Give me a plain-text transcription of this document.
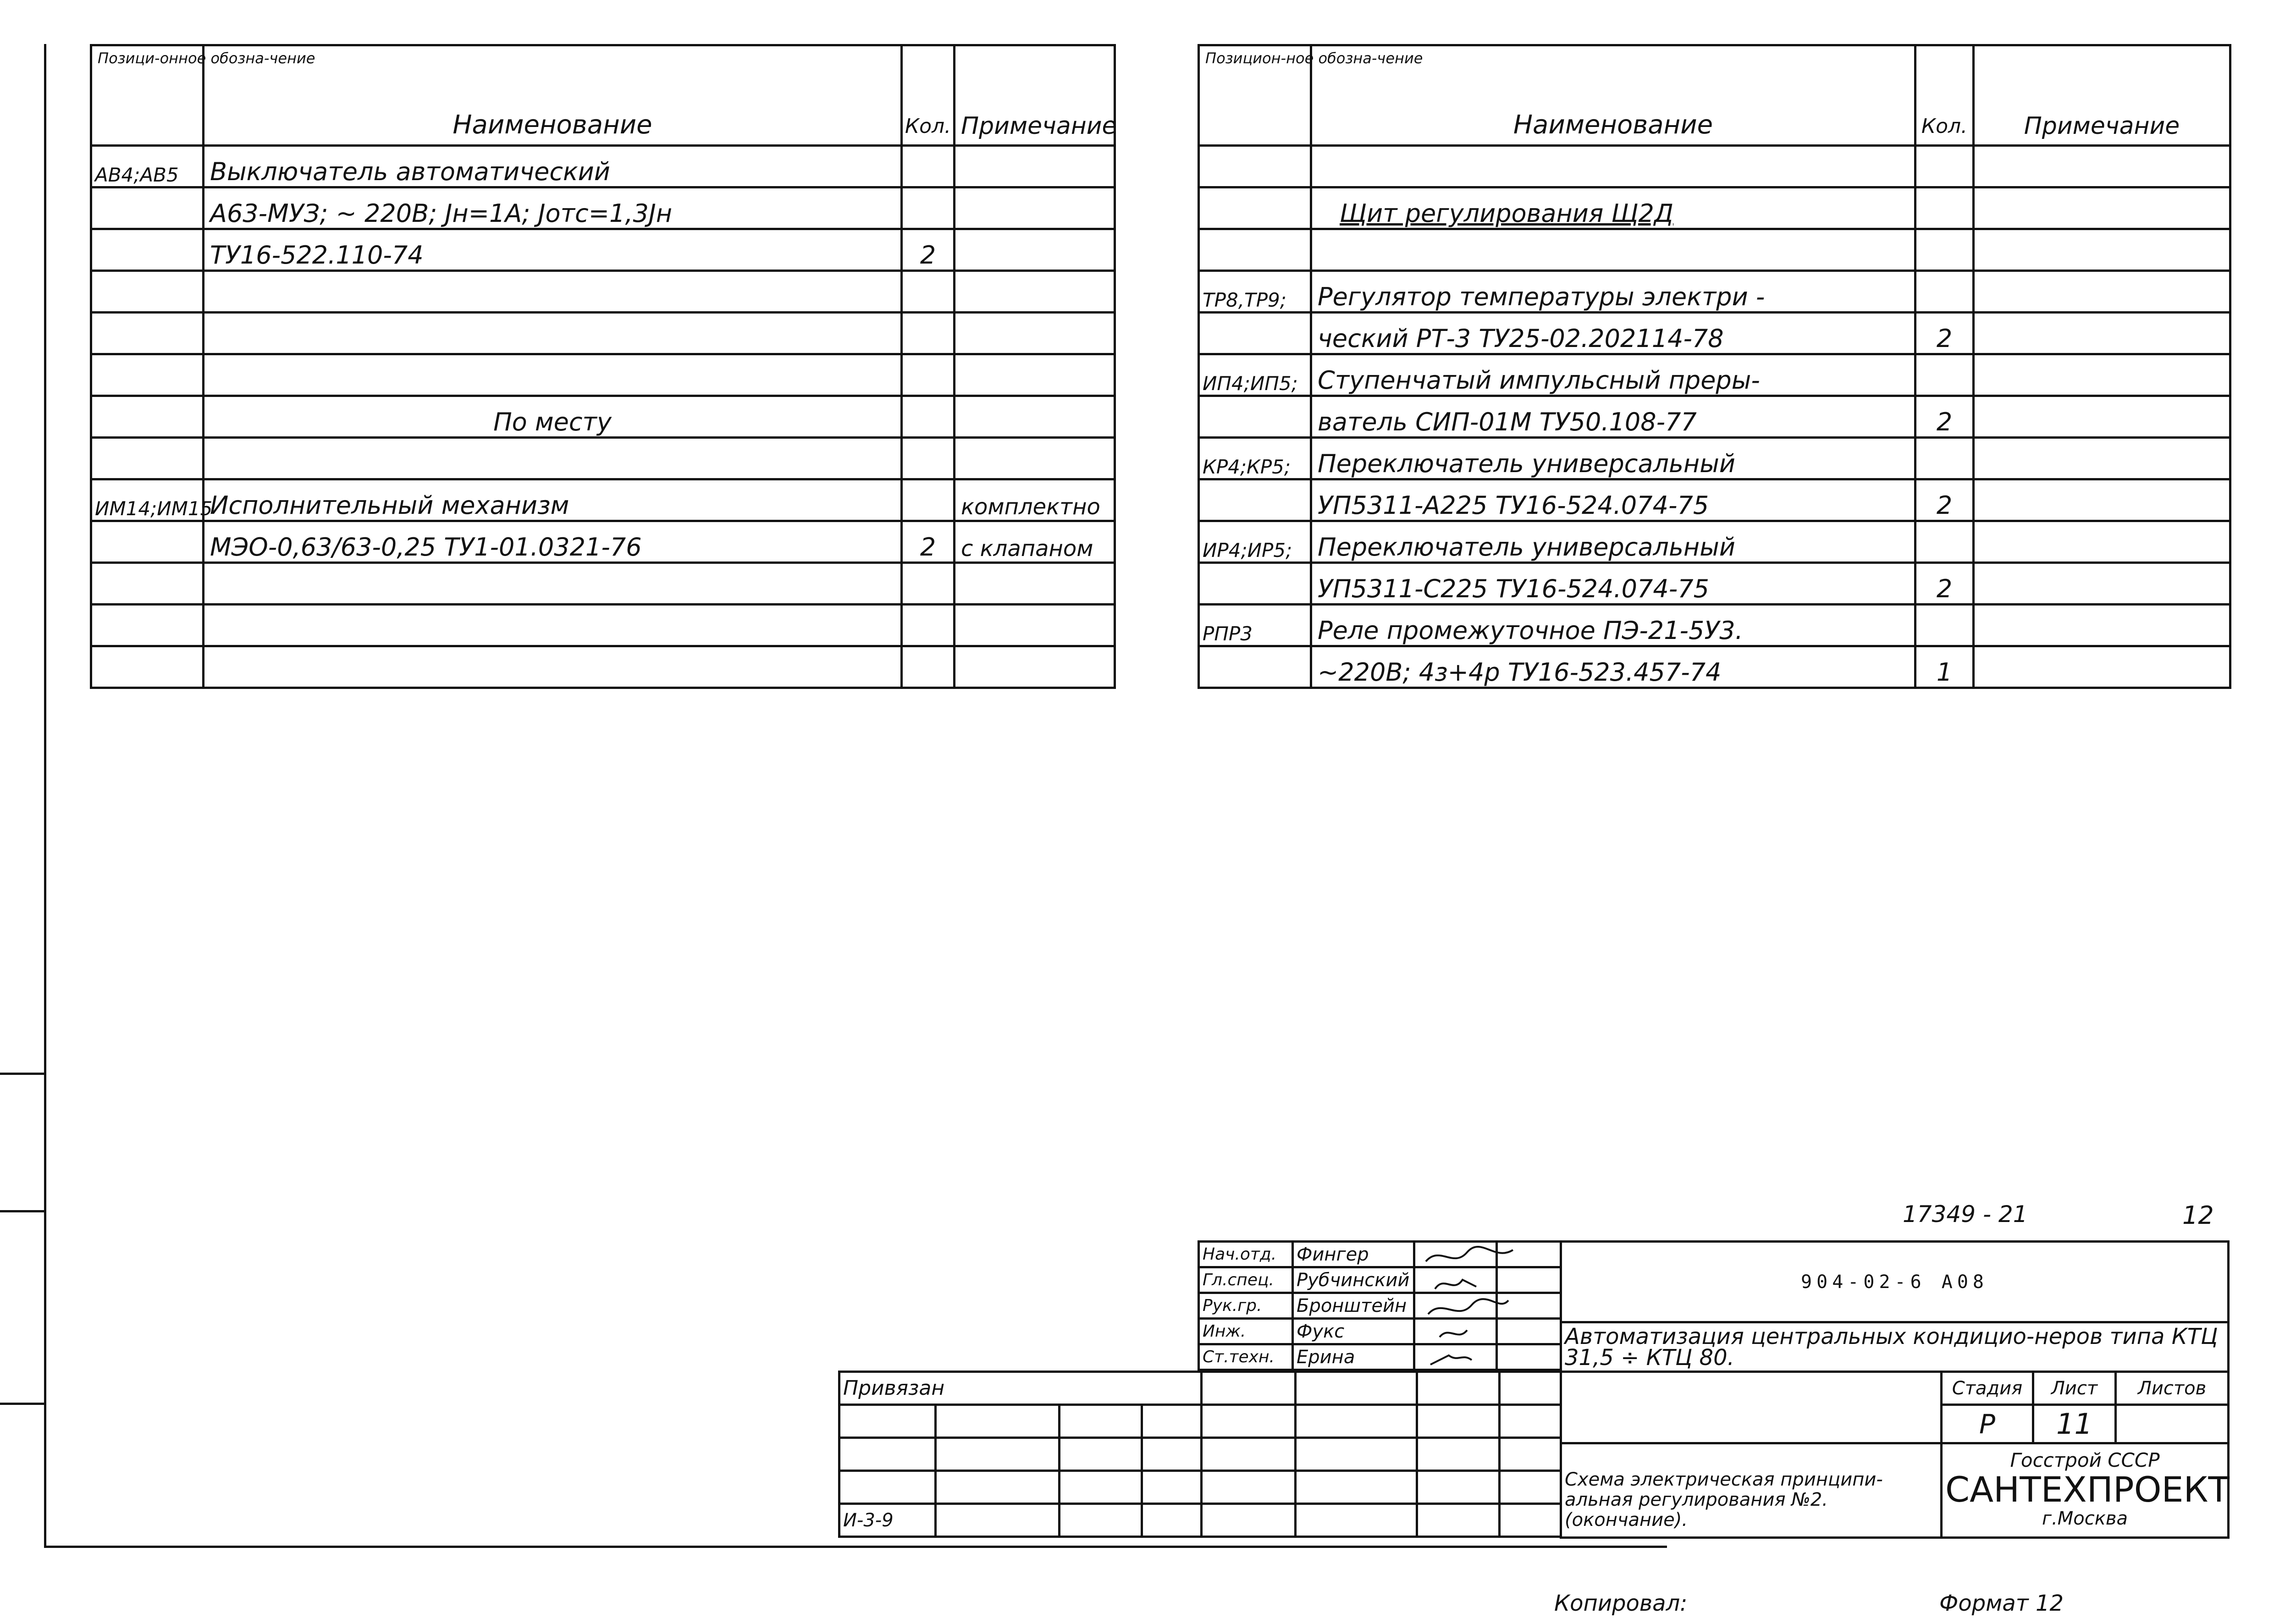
Позици-онное обозна-чение	Наименование	Кол.	Примечание
АВ4;АВ5	Выключатель автоматический		
	А63-МУЗ; ~ 220В; Jн=1А; Jотс=1,3Jн		
	ТУ16-522.110-74	2	

	По месту		

ИМ14;ИМ15	Исполнительный механизм		комплектно
	МЭО-0,63/63-0,25 ТУ1-01.0321-76	2	с клапаном

Позицион-ное обозна-чение	Наименование	Кол.	Примечание

	Щит регулирования Щ2Д		

ТР8,ТР9;	Регулятор температуры электри -		
	ческий РТ-3 ТУ25-02.202114-78	2	
ИП4;ИП5;	Ступенчатый импульсный преры-		
	ватель СИП-01М ТУ50.108-77	2	
КР4;КР5;	Переключатель универсальный		
	УП5311-А225 ТУ16-524.074-75	2	
ИР4;ИР5;	Переключатель универсальный		
	УП5311-С225 ТУ16-524.074-75	2	
РПР3	Реле промежуточное ПЭ-21-5У3.		
	~220В; 4з+4р ТУ16-523.457-74	1	
17349 - 21	12
Нач.отд.	Фингер		
Гл.спец.	Рубчинский		
Рук.гр.	Бронштейн		
Инж.	Фукс		
Ст.техн.	Ерина		
Привязан							

И-3-9							
904-02-6 А08			
Автоматизация центральных кондицио-неров типа КТЦ 31,5 ÷ КТЦ 80.			
	Стадия	Лист	Листов
	Р	11	
Схема электрическая принципи-альная регулирования №2. (окончание).	Госстрой СССР
САНТЕХПРОЕКТ
г.Москва		
Копировал:	Формат 12
